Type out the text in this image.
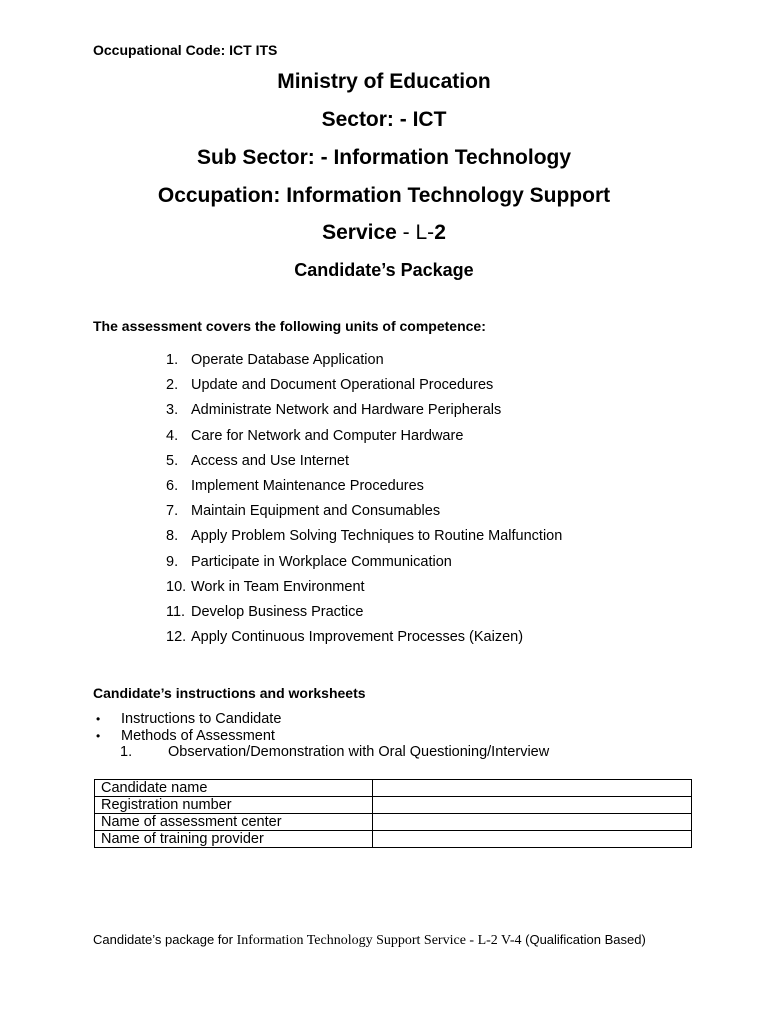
Occupational Code: ICT ITS
Ministry of Education
Sector: - ICT
Sub Sector: - Information Technology
Occupation: Information Technology Support
Service - L-2
Candidate’s Package
The assessment covers the following units of competence:
1. Operate Database Application
2. Update and Document Operational Procedures
3. Administrate Network and Hardware Peripherals
4. Care for Network and Computer Hardware
5. Access and Use Internet
6. Implement Maintenance Procedures
7. Maintain Equipment and Consumables
8. Apply Problem Solving Techniques to Routine Malfunction
9. Participate in Workplace Communication
10. Work in Team Environment
11. Develop Business Practice
12. Apply Continuous Improvement Processes (Kaizen)
Candidate’s instructions and worksheets
•	Instructions to Candidate
•	Methods of Assessment
1. Observation/Demonstration with Oral Questioning/Interview
Candidate name	
Registration number	
Name of assessment center	
Name of training provider	
Candidate’s package for Information Technology Support Service - L-2 V-4 (Qualification Based)
